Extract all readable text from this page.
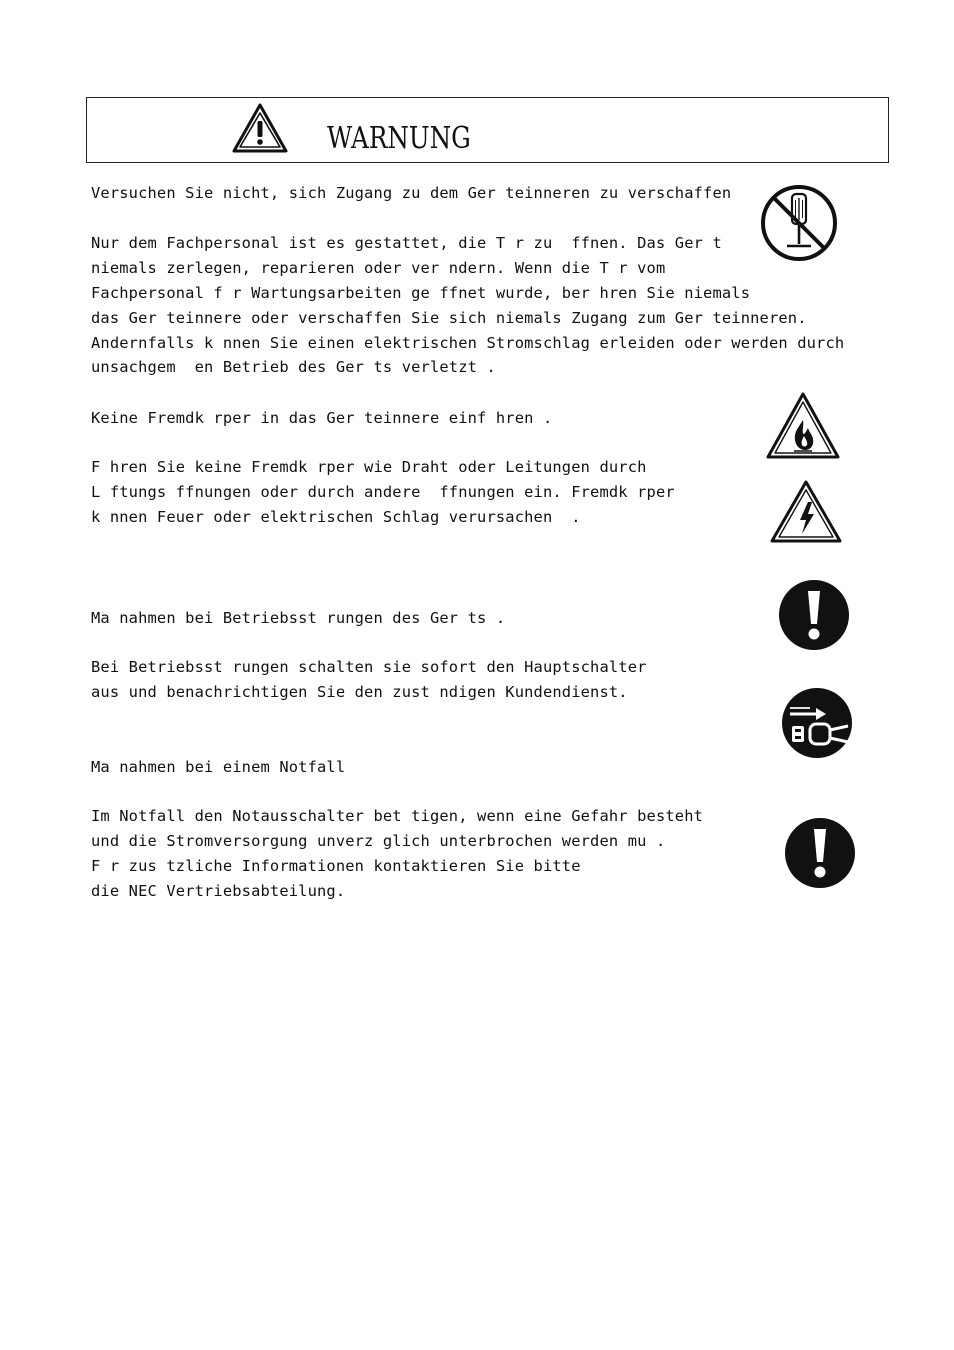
WARNUNG
Versuchen Sie nicht, sich Zugang zu dem Ger teinneren zu verschaffen
Nur dem Fachpersonal ist es gestattet, die T r zu  ffnen. Das Ger t
niemals zerlegen, reparieren oder ver ndern. Wenn die T r vom
Fachpersonal f r Wartungsarbeiten ge ffnet wurde, ber hren Sie niemals
das Ger teinnere oder verschaffen Sie sich niemals Zugang zum Ger teinneren.
Andernfalls k nnen Sie einen elektrischen Stromschlag erleiden oder werden durch
unsachgem  en Betrieb des Ger ts verletzt .
Keine Fremdk rper in das Ger teinnere einf hren .
F hren Sie keine Fremdk rper wie Draht oder Leitungen durch
L ftungs ffnungen oder durch andere  ffnungen ein. Fremdk rper
k nnen Feuer oder elektrischen Schlag verursachen  .
Ma nahmen bei Betriebsst rungen des Ger ts .
Bei Betriebsst rungen schalten sie sofort den Hauptschalter
aus und benachrichtigen Sie den zust ndigen Kundendienst.
Ma nahmen bei einem Notfall
Im Notfall den Notausschalter bet tigen, wenn eine Gefahr besteht
und die Stromversorgung unverz glich unterbrochen werden mu .
F r zus tzliche Informationen kontaktieren Sie bitte
die NEC Vertriebsabteilung.
